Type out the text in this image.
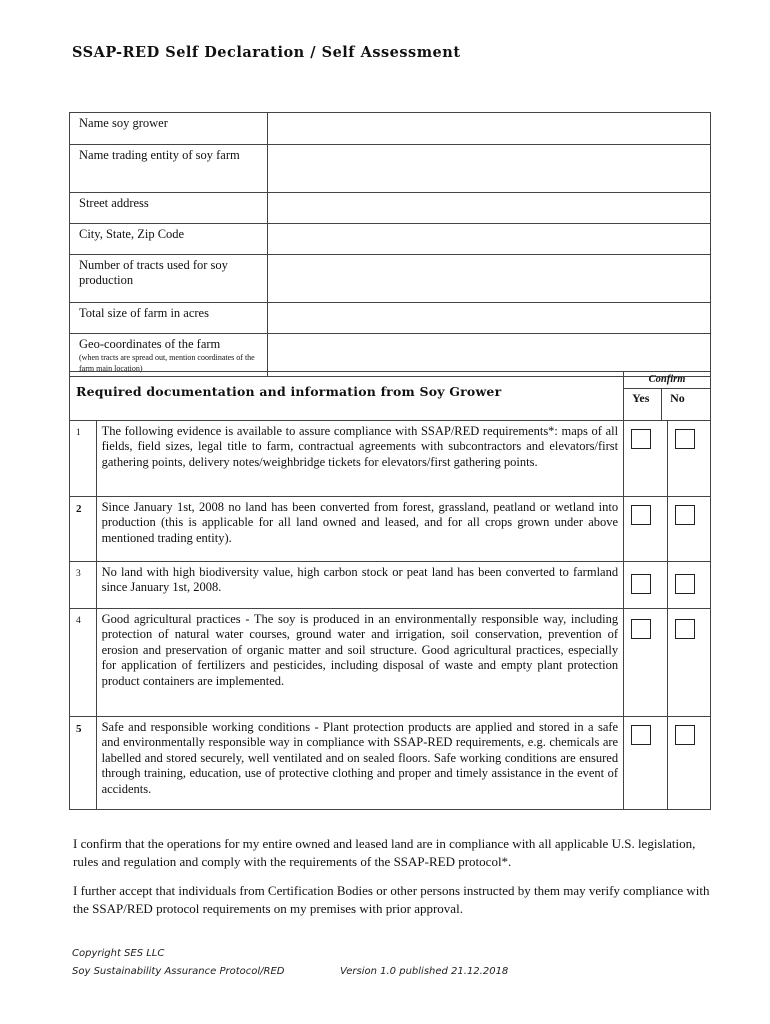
SSAP-RED Self Declaration / Self Assessment
Name soy grower	
Name trading entity of soy farm	
Street address	
City, State, Zip Code	
Number of tracts used for soy production	
Total size of farm in acres	
Geo-coordinates of the farm
(when tracts are spread out, mention coordinates of the farm main location)	

Required documentation and information from Soy Grower		Confirm
Yes No	

1	The following evidence is available to assure compliance with SSAP/RED requirements*: maps of all fields, field sizes, legal title to farm, contractual agreements with subcontractors and elevators/first gathering points, delivery notes/weighbridge tickets for elevators/first gathering points.	

2	Since January 1st, 2008 no land has been converted from forest, grassland, peatland or wetland into production (this is applicable for all land owned and leased, and for all crops grown under above mentioned trading entity).	

3	No land with high biodiversity value, high carbon stock or peat land has been converted to farmland since January 1st, 2008.	

4	Good agricultural practices - The soy is produced in an environmentally responsible way, including protection of natural water courses, ground water and irrigation, soil conservation, prevention of erosion and preservation of organic matter and soil structure. Good agricultural practices, especially for application of fertilizers and pesticides, including disposal of waste and empty plant protection product containers are implemented.	

5	Safe and responsible working conditions - Plant protection products are applied and stored in a safe and environmentally responsible way in compliance with SSAP-RED requirements, e.g. chemicals are labelled and stored securely, well ventilated and on sealed floors. Safe working conditions are ensured through training, education, use of protective clothing and proper and timely assistance in the event of accidents.	

I confirm that the operations for my entire owned and leased land are in compliance with all applicable U.S. legislation, rules and regulation and comply with the requirements of the SSAP-RED protocol*.
I further accept that individuals from Certification Bodies or other persons instructed by them may verify compliance with the SSAP/RED protocol requirements on my premises with prior approval.
Copyright SES LLC
Soy Sustainability Assurance Protocol/RED	Version 1.0 published 21.12.2018
